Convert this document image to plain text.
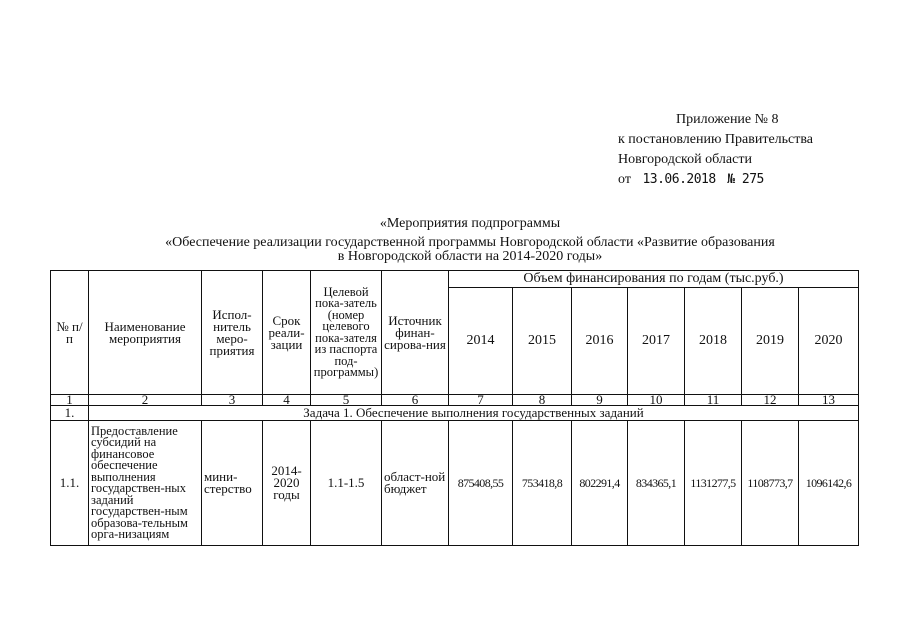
Приложение № 8
к постановлению Правительства
Новгородской области
от 13.06.2018 № 275
«Мероприятия подпрограммы
«Обеспечение реализации государственной программы Новгородской области «Развитие образования
в Новгородской области на 2014-2020 годы»
№ п/п	Наименование мероприятия	Испол-нитель меро-приятия	Срок реали-зации	Целевой пока-затель (номер целевого пока-зателя из паспорта под-программы)	Источник финан-сирова-ния	Объем финансирования по годам (тыс.руб.)						
						2014	2015	2016	2017	2018	2019	2020
1	2	3	4	5	6	7	8	9	10	11	12	13
1.	Задача 1. Обеспечение выполнения государственных заданий											
1.1.	Предоставление субсидий на финансовое обеспечение выполнения государствен-ных заданий государствен-ным образова-тельным орга-низациям	мини-стерство	2014-2020 годы	1.1-1.5	област-ной бюджет	875408,55	753418,8	802291,4	834365,1	1131277,5	1108773,7	1096142,6
